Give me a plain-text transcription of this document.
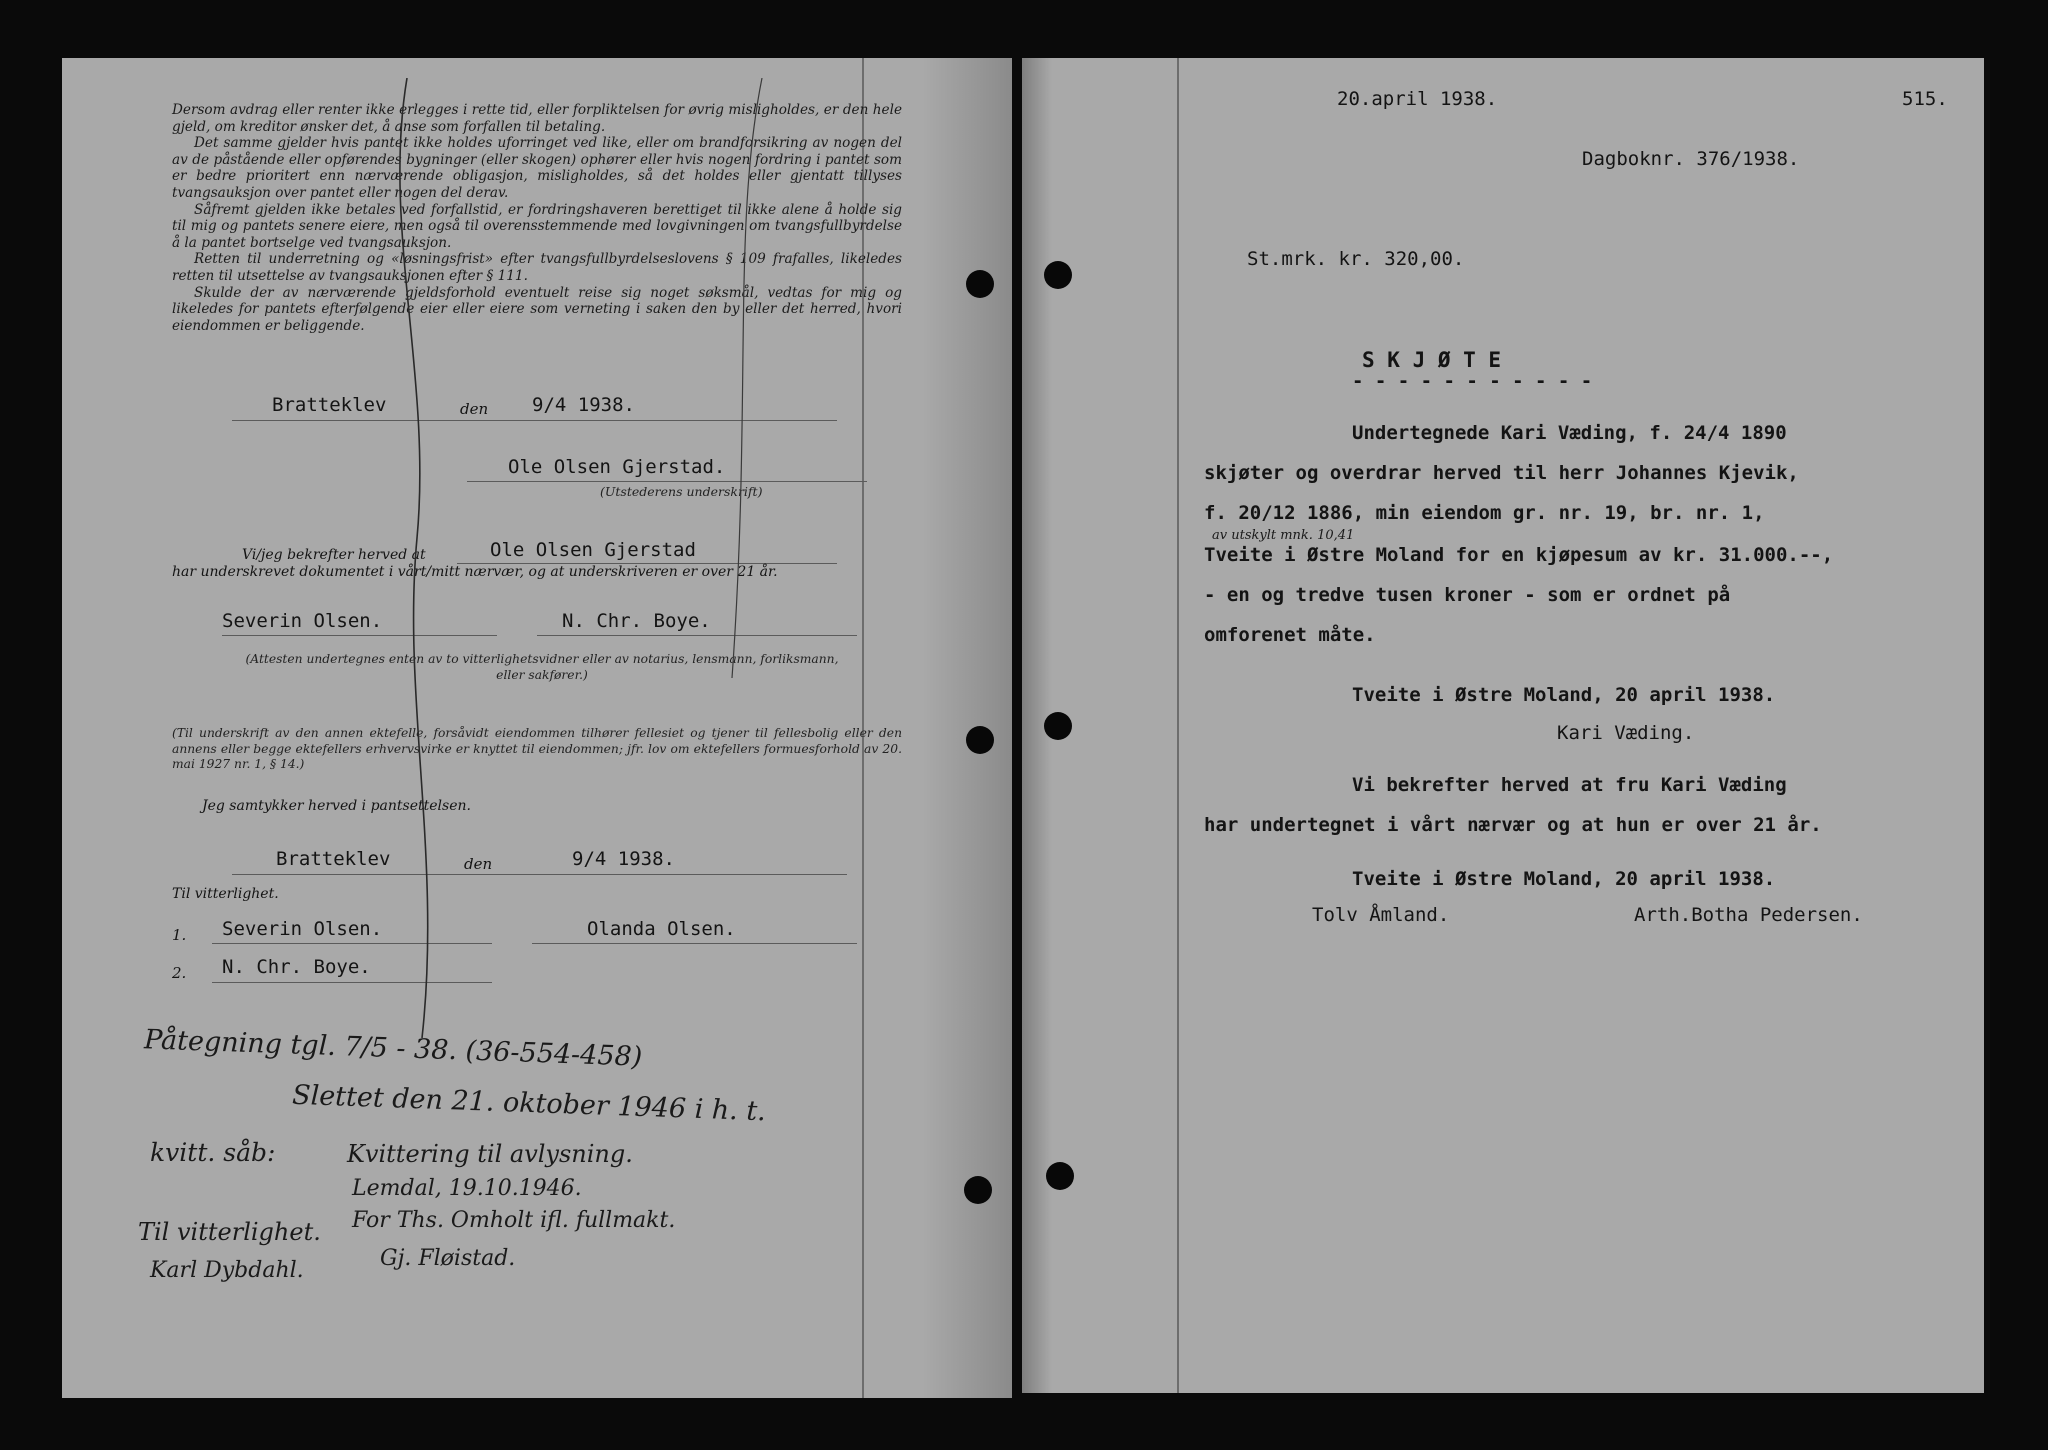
Dersom avdrag eller renter ikke erlegges i rette tid, eller forpliktelsen for øvrig misligholdes, er den hele gjeld, om kreditor ønsker det, å anse som forfallen til betaling.

Det samme gjelder hvis pantet ikke holdes uforringet ved like, eller om brandforsikring av nogen del av de påstående eller opførendes bygninger (eller skogen) ophører eller hvis nogen fordring i pantet som er bedre prioritert enn nærværende obligasjon, misligholdes, så det holdes eller gjentatt tillyses tvangsauksjon over pantet eller nogen del derav.

Såfremt gjelden ikke betales ved forfallstid, er fordringshaveren berettiget til ikke alene å holde sig til mig og pantets senere eiere, men også til overensstemmende med lovgivningen om tvangsfullbyrdelse å la pantet bortselge ved tvangsauksjon.

Retten til underretning og «løsningsfrist» efter tvangsfullbyrdelseslovens § 109 frafalles, likeledes retten til utsettelse av tvangsauksjonen efter § 111.

Skulde der av nærværende gjeldsforhold eventuelt reise sig noget søksmål, vedtas for mig og likeledes for pantets efterfølgende eier eller eiere som verneting i saken den by eller det herred, hvori eiendommen er beliggende.

Bratteklev	den 9/4 1938.
Ole Olsen Gjerstad.
(Utstederens underskrift)
Vi/jeg bekrefter herved at	Ole Olsen Gjerstad
har underskrevet dokumentet i vårt/mitt nærvær, og at underskriveren er over 21 år.
Severin Olsen.	N. Chr. Boye.
(Attesten undertegnes enten av to vitterlighetsvidner eller av notarius, lensmann, forliksmann, eller sakfører.)
(Til underskrift av den annen ektefelle, forsåvidt eiendommen tilhører fellesiet og tjener til fellesbolig eller den annens eller begge ektefellers erhvervsvirke er knyttet til eiendommen; jfr. lov om ektefellers formuesforhold av 20. mai 1927 nr. 1, § 14.)
Jeg samtykker herved i pantsettelsen.
Bratteklev	den	9/4 1938.
Til vitterlighet.
1. Severin Olsen.	Olanda Olsen.
2. N. Chr. Boye.
Påtegning tgl. 7/5 - 38. (36-554-458)
Slettet den 21. oktober 1946 i h. t.
kvitt. såb:	Kvittering til avlysning.
Lemdal, 19.10.1946.
For Ths. Omholt ifl. fullmakt.
Gj. Fløistad.
Til vitterlighet.
Karl Dybdahl.
20.april 1938.	515.
Dagboknr. 376/1938.
St.mrk. kr. 320,00.
S K J Ø T E
- - - - - - - - - - -
Undertegnede Kari Væding, f. 24/4 1890
skjøter og overdrar herved til herr Johannes Kjevik,
f. 20/12 1886, min eiendom gr. nr. 19, br. nr. 1,
av utskylt mnk. 10,41
Tveite i Østre Moland for en kjøpesum av kr. 31.000.--,
- en og tredve tusen kroner - som er ordnet på
omforenet måte.
Tveite i Østre Moland, 20 april 1938.
Kari Væding.
Vi bekrefter herved at fru Kari Væding
har undertegnet i vårt nærvær og at hun er over 21 år.
Tveite i Østre Moland, 20 april 1938.
Tolv Åmland.	Arth.Botha Pedersen.
